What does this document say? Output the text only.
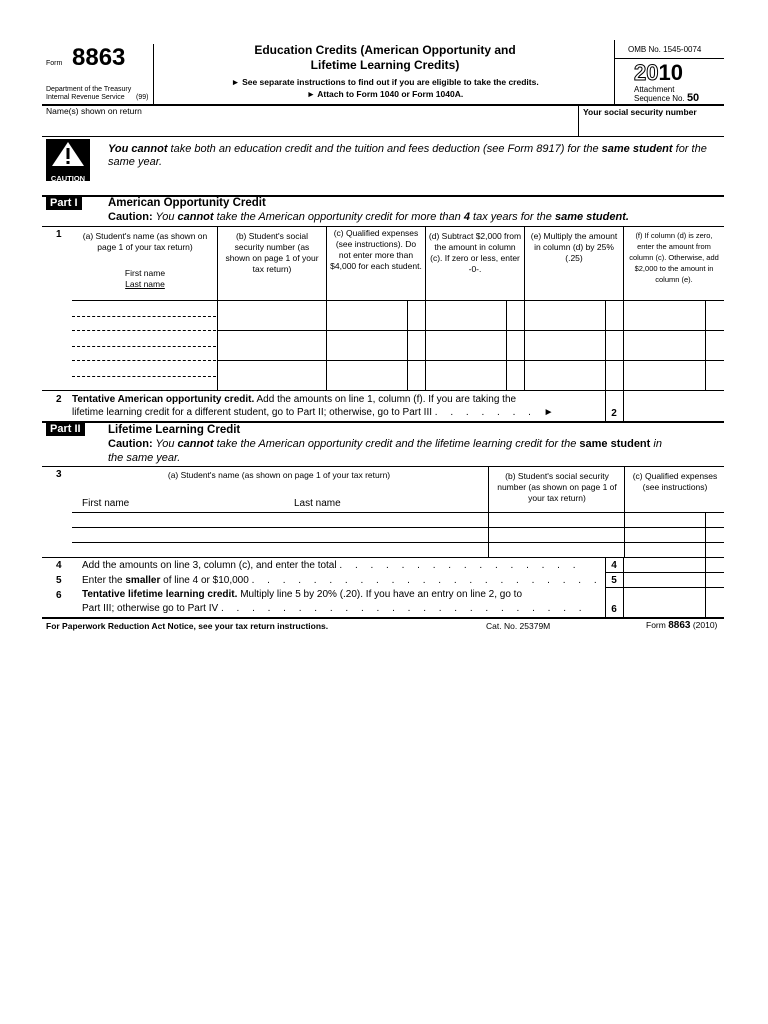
Form 8863
Department of the Treasury
Internal Revenue Service (99)
Education Credits (American Opportunity and
Lifetime Learning Credits)
► See separate instructions to find out if you are eligible to take the credits.
► Attach to Form 1040 or Form 1040A.
OMB No. 1545-0074
2010
Attachment
Sequence No. 50
Name(s) shown on return	Your social security number
CAUTION
You cannot take both an education credit and the tuition and fees deduction (see Form 8917) for the same student for the same year.
Part I	American Opportunity Credit
Caution: You cannot take the American opportunity credit for more than 4 tax years for the same student.
1	(a) Student's name (as shown on page 1 of your tax return)
First name
Last name
(b) Student's social security number (as shown on page 1 of your tax return)
(c) Qualified expenses (see instructions). Do not enter more than $4,000 for each student.
(d) Subtract $2,000 from the amount in column (c). If zero or less, enter -0-.
(e) Multiply the amount in column (d) by 25% (.25)
(f) If column (d) is zero, enter the amount from column (c). Otherwise, add $2,000 to the amount in column (e).
2 Tentative American opportunity credit. Add the amounts on line 1, column (f). If you are taking the
lifetime learning credit for a different student, go to Part II; otherwise, go to Part III . . . . . . . ►	2
Part II	Lifetime Learning Credit
Caution: You cannot take the American opportunity credit and the lifetime learning credit for the same student in
the same year.
3	(a) Student's name (as shown on page 1 of your tax return)
First name	Last name
(b) Student's social security number (as shown on page 1 of your tax return)
(c) Qualified expenses (see instructions)
4 Add the amounts on line 3, column (c), and enter the total . . . . . . . . . . . . . . . .	4
5 Enter the smaller of line 4 or $10,000 . . . . . . . . . . . . . . . . . . . . . . . 5
6 Tentative lifetime learning credit. Multiply line 5 by 20% (.20). If you have an entry on line 2, go to
Part III; otherwise go to Part IV . . . . . . . . . . . . . . . . . . . . . . . .	6
For Paperwork Reduction Act Notice, see your tax return instructions.	Cat. No. 25379M	Form 8863 (2010)
